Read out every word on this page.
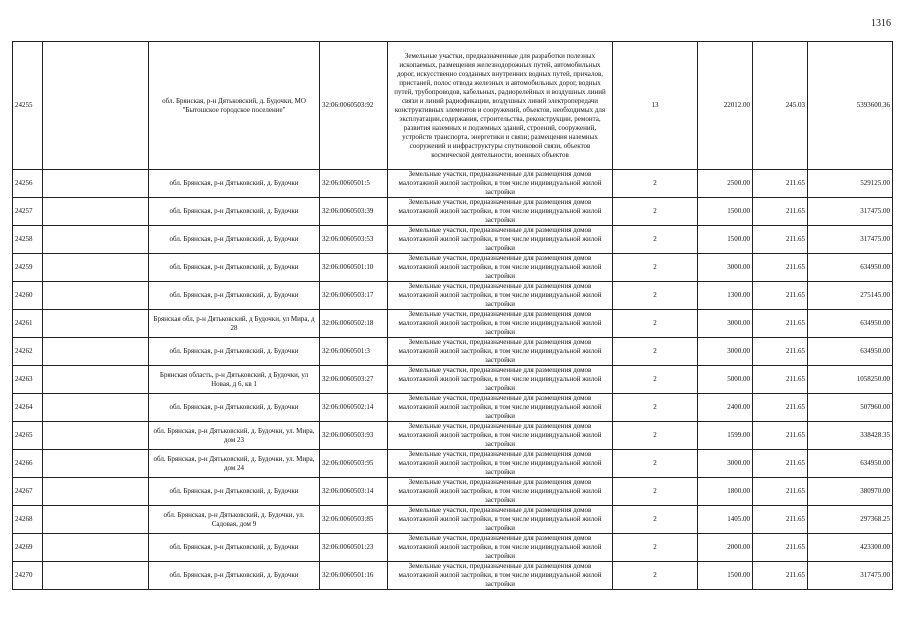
1316
24255		обл. Брянская, р-н Дятьковский, д. Будочки, МО "Бытошское городское поселение"	32:06:0060503:92	Земельные участки, предназначенные для разработки полезных ископаемых, размещения железнодорожных путей, автомобильных дорог, искусственно созданных внутренних водных путей, причалов, пристаней, полос отвода железных и автомобильных дорог, водных путей, трубопроводов, кабельных, радиорелейных и воздушных линий связи и линий радиофикации, воздушных линий электропередачи конструктивных элементов и сооружений, объектов, необходимых для эксплуатации,содержания, строительства, реконструкции, ремонта, развития наземных и подземных зданий, строений, сооружений, устройств транспорта, энергетики и связи; размещения наземных сооружений и инфраструктуры спутниковой связи, объектов космической деятельности, военных объектов	13	22012.00	245.03	5393600.36
24256		обл. Брянская, р-н Дятьковский, д. Будочки	32:06:0060501:5	Земельные участки, предназначенные для размещения домов малоэтажной жилой застройки, в том числе индивидуальной жилой застройки	2	2500.00	211.65	529125.00
24257		обл. Брянская, р-н Дятьковский, д. Будочки	32:06:0060503:39	Земельные участки, предназначенные для размещения домов малоэтажной жилой застройки, в том числе индивидуальной жилой застройки	2	1500.00	211.65	317475.00
24258		обл. Брянская, р-н Дятьковский, д. Будочки	32:06:0060503:53	Земельные участки, предназначенные для размещения домов малоэтажной жилой застройки, в том числе индивидуальной жилой застройки	2	1500.00	211.65	317475.00
24259		обл. Брянская, р-н Дятьковский, д. Будочки	32:06:0060501:10	Земельные участки, предназначенные для размещения домов малоэтажной жилой застройки, в том числе индивидуальной жилой застройки	2	3000.00	211.65	634950.00
24260		обл. Брянская, р-н Дятьковский, д. Будочки	32:06:0060503:17	Земельные участки, предназначенные для размещения домов малоэтажной жилой застройки, в том числе индивидуальной жилой застройки	2	1300.00	211.65	275145.00
24261		Брянская обл, р-н Дятьковский, д Будочки, ул Мира, д 28	32:06:0060502:18	Земельные участки, предназначенные для размещения домов малоэтажной жилой застройки, в том числе индивидуальной жилой застройки	2	3000.00	211.65	634950.00
24262		обл. Брянская, р-н Дятьковский, д. Будочки	32:06:0060501:3	Земельные участки, предназначенные для размещения домов малоэтажной жилой застройки, в том числе индивидуальной жилой застройки	2	3000.00	211.65	634950.00
24263		Брянская область, р-н Дятьковский, д Будочки, ул Новая, д 6, кв 1	32:06:0060503:27	Земельные участки, предназначенные для размещения домов малоэтажной жилой застройки, в том числе индивидуальной жилой застройки	2	5000.00	211.65	1058250.00
24264		обл. Брянская, р-н Дятьковский, д. Будочки	32:06:0060502:14	Земельные участки, предназначенные для размещения домов малоэтажной жилой застройки, в том числе индивидуальной жилой застройки	2	2400.00	211.65	507960.00
24265		обл. Брянская, р-н Дятьковский, д. Будочки, ул. Мира, дом 23	32:06:0060503:93	Земельные участки, предназначенные для размещения домов малоэтажной жилой застройки, в том числе индивидуальной жилой застройки	2	1599.00	211.65	338428.35
24266		обл. Брянская, р-н Дятьковский, д. Будочки, ул. Мира, дом 24	32:06:0060503:95	Земельные участки, предназначенные для размещения домов малоэтажной жилой застройки, в том числе индивидуальной жилой застройки	2	3000.00	211.65	634950.00
24267		обл. Брянская, р-н Дятьковский, д. Будочки	32:06:0060503:14	Земельные участки, предназначенные для размещения домов малоэтажной жилой застройки, в том числе индивидуальной жилой застройки	2	1800.00	211.65	380970.00
24268		обл. Брянская, р-н Дятьковский, д. Будочки, ул. Садовая, дом 9	32:06:0060503:85	Земельные участки, предназначенные для размещения домов малоэтажной жилой застройки, в том числе индивидуальной жилой застройки	2	1405.00	211.65	297368.25
24269		обл. Брянская, р-н Дятьковский, д. Будочки	32:06:0060501:23	Земельные участки, предназначенные для размещения домов малоэтажной жилой застройки, в том числе индивидуальной жилой застройки	2	2000.00	211.65	423300.00
24270		обл. Брянская, р-н Дятьковский, д. Будочки	32:06:0060501:16	Земельные участки, предназначенные для размещения домов малоэтажной жилой застройки, в том числе индивидуальной жилой застройки	2	1500.00	211.65	317475.00
